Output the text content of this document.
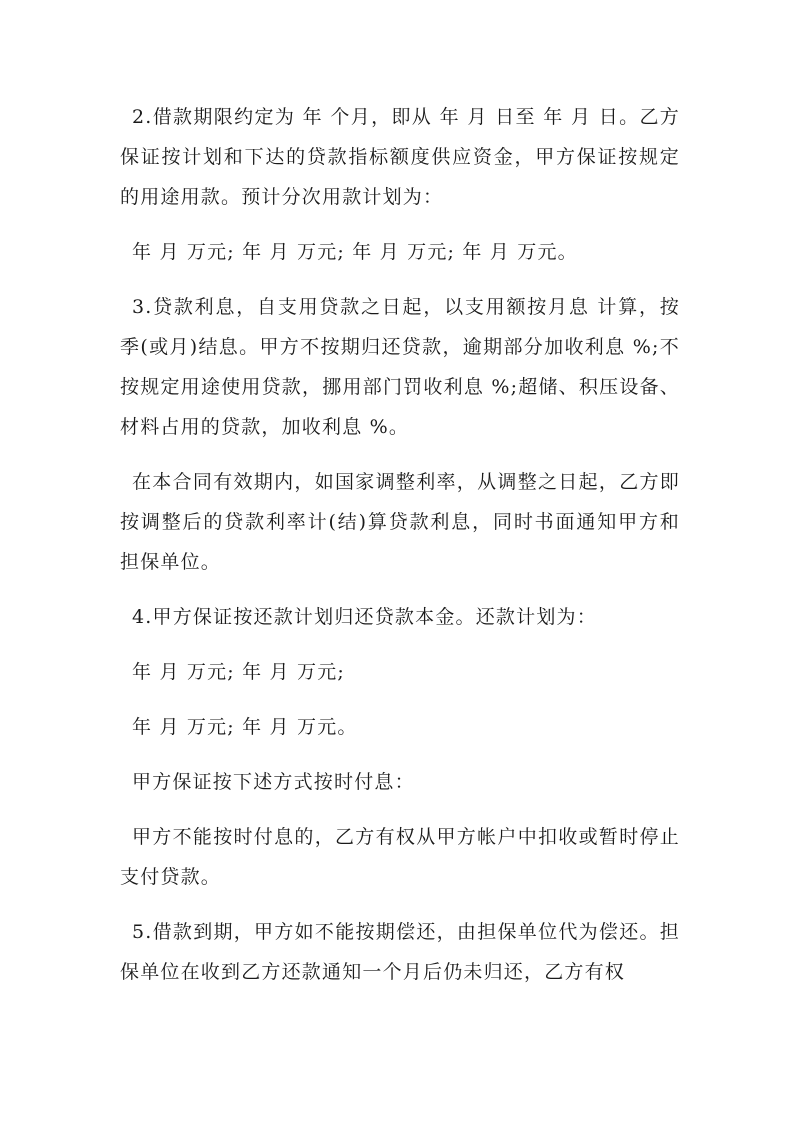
2.借款期限约定为 年 个月，即从 年 月 日至 年 月 日。乙方保证按计划和下达的贷款指标额度供应资金，甲方保证按规定的用途用款。预计分次用款计划为：

年 月 万元; 年 月 万元; 年 月 万元; 年 月 万元。

3.贷款利息，自支用贷款之日起，以支用额按月息 计算，按季(或月)结息。甲方不按期归还贷款，逾期部分加收利息 %;不按规定用途使用贷款，挪用部门罚收利息 %;超储、积压设备、材料占用的贷款，加收利息 %。

在本合同有效期内，如国家调整利率，从调整之日起，乙方即按调整后的贷款利率计(结)算贷款利息，同时书面通知甲方和担保单位。

4.甲方保证按还款计划归还贷款本金。还款计划为：

年 月 万元; 年 月 万元;

年 月 万元; 年 月 万元。

甲方保证按下述方式按时付息：

甲方不能按时付息的，乙方有权从甲方帐户中扣收或暂时停止支付贷款。

5.借款到期，甲方如不能按期偿还，由担保单位代为偿还。担保单位在收到乙方还款通知一个月后仍未归还，乙方有权
